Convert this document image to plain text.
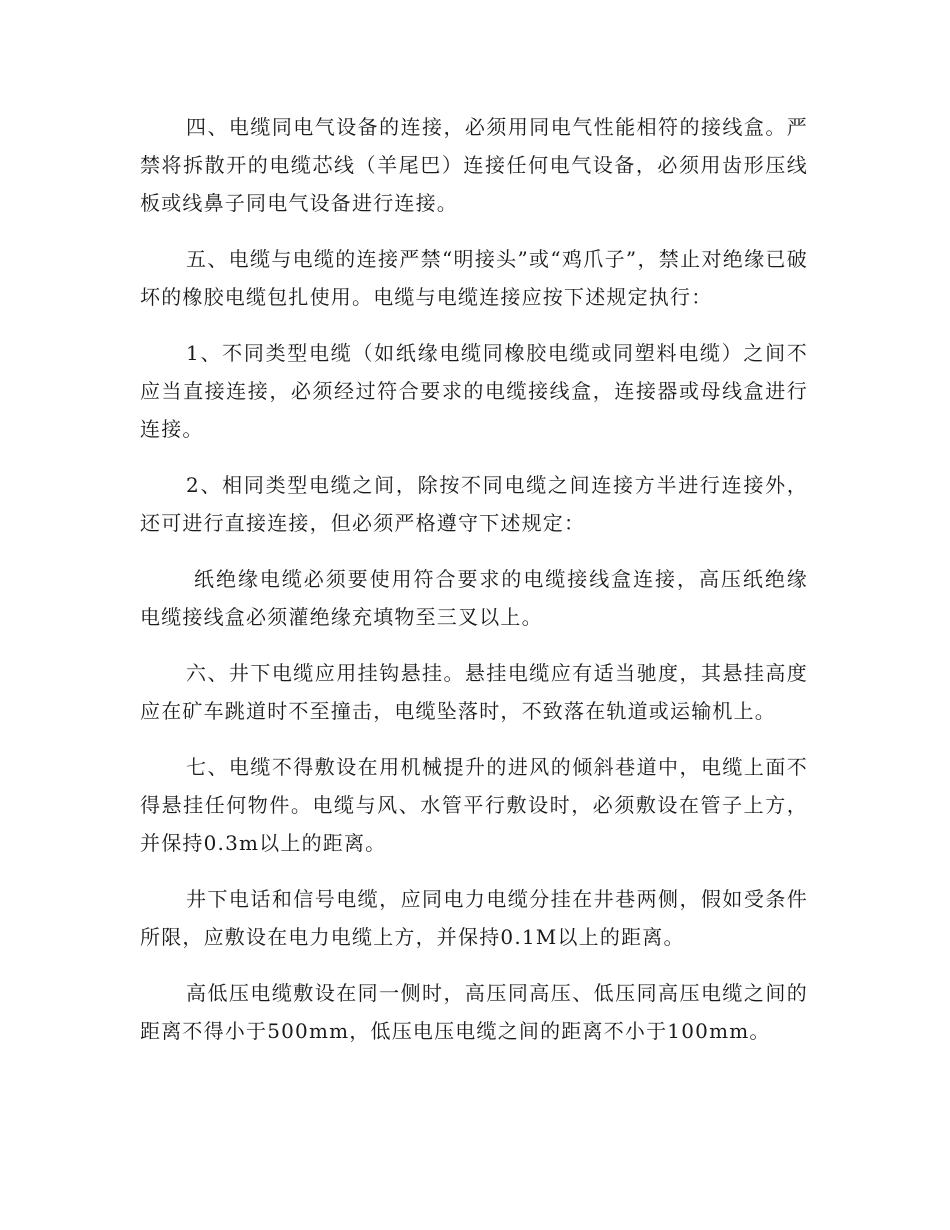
四、电缆同电气设备的连接，必须用同电气性能相符的接线盒。严禁将拆散开的电缆芯线（羊尾巴）连接任何电气设备，必须用齿形压线板或线鼻子同电气设备进行连接。

五、电缆与电缆的连接严禁“明接头”或“鸡爪子”，禁止对绝缘已破坏的橡胶电缆包扎使用。电缆与电缆连接应按下述规定执行：

1、不同类型电缆（如纸缘电缆同橡胶电缆或同塑料电缆）之间不应当直接连接，必须经过符合要求的电缆接线盒，连接器或母线盒进行连接。

2、相同类型电缆之间，除按不同电缆之间连接方半进行连接外，还可进行直接连接，但必须严格遵守下述规定：

纸绝缘电缆必须要使用符合要求的电缆接线盒连接，高压纸绝缘电缆接线盒必须灌绝缘充填物至三叉以上。

六、井下电缆应用挂钩悬挂。悬挂电缆应有适当驰度，其悬挂高度应在矿车跳道时不至撞击，电缆坠落时，不致落在轨道或运输机上。

七、电缆不得敷设在用机械提升的进风的倾斜巷道中，电缆上面不得悬挂任何物件。电缆与风、水管平行敷设时，必须敷设在管子上方，并保持0.3m以上的距离。

井下电话和信号电缆，应同电力电缆分挂在井巷两侧，假如受条件所限，应敷设在电力电缆上方，并保持0.1M以上的距离。

高低压电缆敷设在同一侧时，高压同高压、低压同高压电缆之间的距离不得小于500mm，低压电压电缆之间的距离不小于100mm。
